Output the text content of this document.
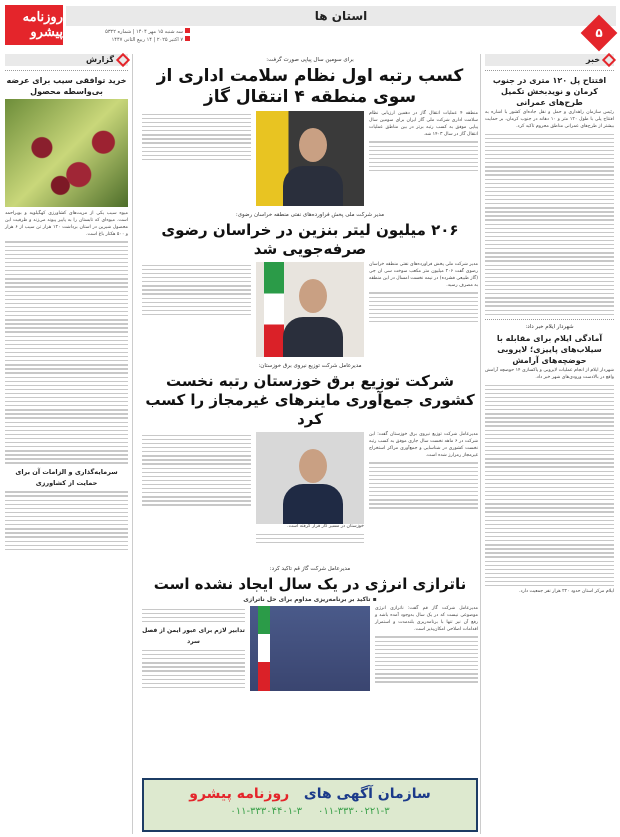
روزنامه پیشرو
استان ها
سه شنبه ۱۵ مهر ۱۴۰۴ | شماره ۵۳۲۲
۷ اکتبر ۲۰۲۵ | ۱۴ ربیع الثانی ۱۴۴۷	۵
خبر
افتتاح پل ۱۲۰ متری در جنوب کرمان و نویدبخش تکمیل طرح‌های عمرانی
رئیس سازمان راهداری و حمل و نقل جاده‌ای کشور با اشاره به افتتاح پلی با طول ۱۲۰ متر و ۱۰ دهانه در جنوب کرمان، بر حمایت بیشتر از طرح‌های عمرانی مناطق محروم تاکید کرد.
شهردار ایلام خبر داد:
آمادگی ایلام برای مقابله با سیلاب‌های پاییزی؛ لایروبی حوضچه‌های آرامش
شهردار ایلام از انجام عملیات لایروبی و پاکسازی ۱۴ حوضچه آرامش واقع در بالادست ورودی‌های شهر خبر داد.
ایلام مرکز استان حدود ۲۲۰ هزار نفر جمعیت دارد.
گزارش
خرید توافقی سیب برای عرضه بی‌واسطه محصول
میوه سیب یکی از مزیت‌های کشاورزی کهگیلویه و بویراحمد است. میوه‌ای که تابستان را به پاییز پیوند می‌زند و ظرفیت این محصول شیرین در استان برداشت ۱۲۰ هزار تن سیب از ۶ هزار و ۵۰۰ هکتار باغ است.
سرمایه‌گذاری و الزامات آن برای حمایت از کشاورزی
برای سومین سال پیاپی صورت گرفت:
کسب رتبه اول نظام سلامت اداری از سوی منطقه ۴ انتقال گاز
منطقه ۴ عملیات انتقال گاز در دهمین ارزیابی نظام سلامت اداری شرکت ملی گاز ایران برای سومین سال پیاپی موفق به کسب رتبه برتر در بین مناطق عملیات انتقال گاز در سال ۱۴۰۳ شد.
مدیر شرکت ملی پخش فراورده‌های نفتی منطقه خراسان رضوی:
۲۰۶ میلیون لیتر بنزین در خراسان رضوی صرفه‌جویی شد
مدیر شرکت ملی پخش فراورده‌های نفتی منطقه خراسان رضوی گفت ۲۰۶ میلیون متر مکعب سوخت سی ان جی (گاز طبیعی فشرده) در نیمه نخست امسال در این منطقه به مصرف رسید.
مدیرعامل شرکت توزیع نیروی برق خوزستان:
شرکت توزیع برق خوزستان رتبه نخست کشوری جمع‌آوری ماینرهای غیرمجاز را کسب کرد
مدیرعامل شرکت توزیع نیروی برق خوزستان گفت: این شرکت در ۶ ماهه نخست سال جاری موفق به کسب رتبه نخست کشوری در شناسایی و جمع‌آوری مراکز استخراج غیرمجاز رمزارز شده است.
خوزستان در مسیر کار قرار گرفته است.
مدیرعامل شرکت گاز قم تاکید کرد:
ناترازی انرژی در یک سال ایجاد نشده است
▪ تاکید بر برنامه‌ریزی مداوم برای حل ناترازی
مدیرعامل شرکت گاز قم گفت: ناترازی انرژی موضوعی نیست که در یک سال به‌وجود آمده باشد و رفع آن نیز تنها با برنامه‌ریزی بلندمدت و استمرار اقدامات اصلاحی امکان‌پذیر است.
تدابیر لازم برای عبور ایمن از فصل سرد
سازمان آگهی های   روزنامه پیشرو
۰۱۱-۳۳۳۰۰۲۲۱-۳     ۰۱۱-۳۳۳۰۴۴۰۱-۳
